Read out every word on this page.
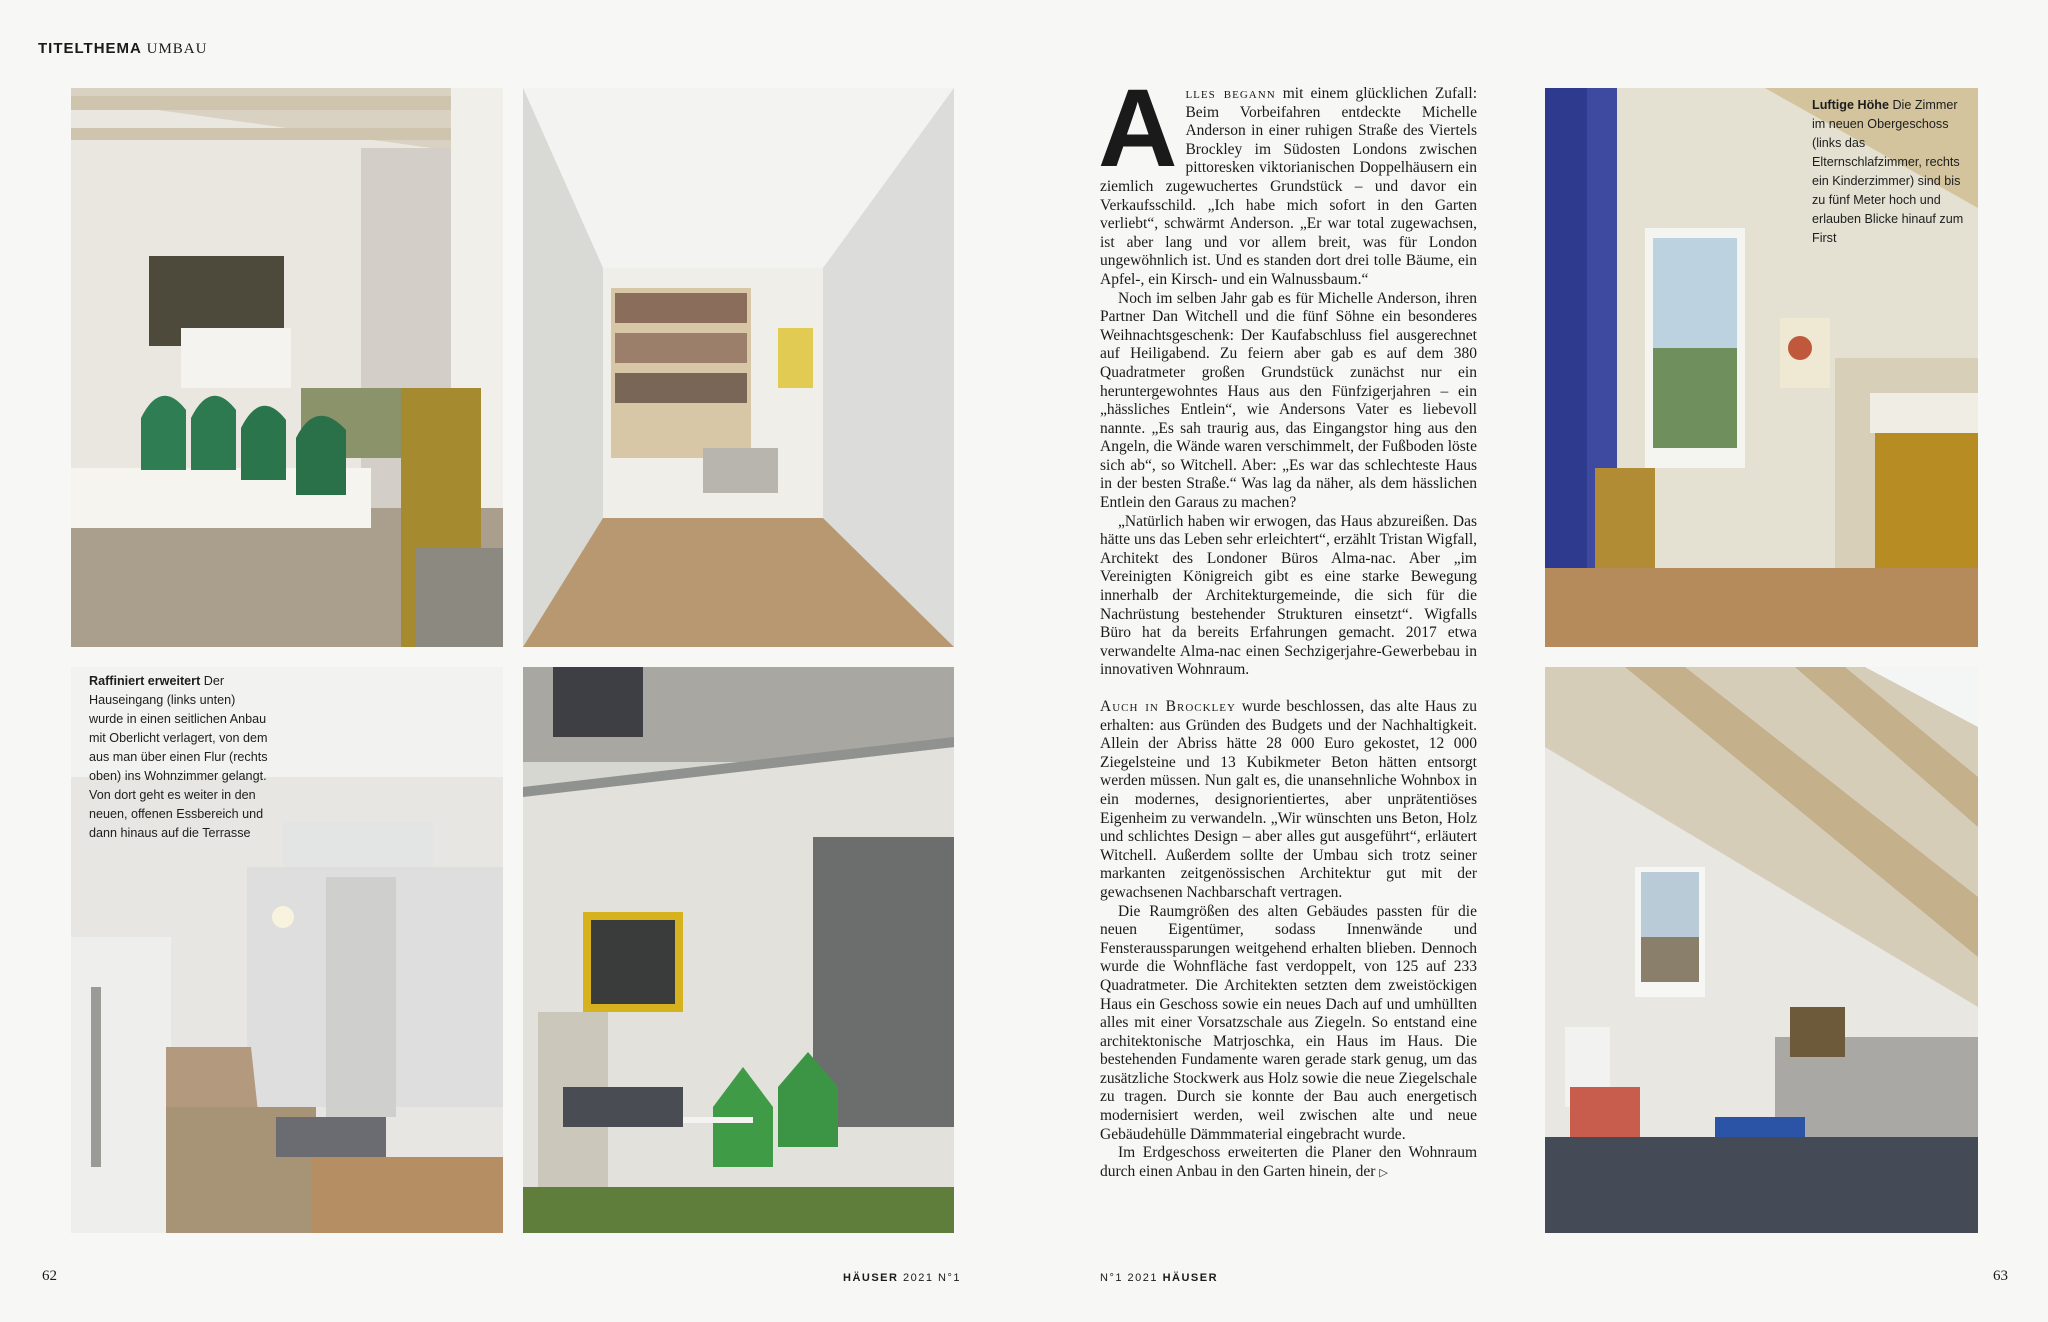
TITELTHEMA UMBAU
Raffiniert erweitert Der Hauseingang (links unten) wurde in einen seitlichen Anbau mit Oberlicht verlagert, von dem aus man über einen Flur (rechts oben) ins Wohnzimmer gelangt. Von dort geht es weiter in den neuen, offenen Essbereich und dann hinaus auf die Terrasse
Luftige Höhe Die Zimmer im neuen Obergeschoss (links das Elternschlafzimmer, rechts ein Kinderzimmer) sind bis zu fünf Meter hoch und erlauben Blicke hinauf zum First

A lles begann mit einem glücklichen Zufall: Beim Vorbeifahren entdeckte Michelle Anderson in einer ruhigen Straße des Viertels Brockley im Südosten Londons zwischen pittoresken viktorianischen Doppelhäusern ein ziemlich zugewuchertes Grundstück – und davor ein Verkaufsschild. „Ich habe mich sofort in den Garten verliebt“, schwärmt Anderson. „Er war total zugewachsen, ist aber lang und vor allem breit, was für London ungewöhnlich ist. Und es standen dort drei tolle Bäume, ein Apfel-, ein Kirsch- und ein Walnussbaum.“

Noch im selben Jahr gab es für Michelle Anderson, ihren Partner Dan Witchell und die fünf Söhne ein besonderes Weihnachtsgeschenk: Der Kaufabschluss fiel ausgerechnet auf Heiligabend. Zu feiern aber gab es auf dem 380 Quadratmeter großen Grundstück zunächst nur ein heruntergewohntes Haus aus den Fünfzigerjahren – ein „hässliches Entlein“, wie Andersons Vater es liebevoll nannte. „Es sah traurig aus, das Eingangstor hing aus den Angeln, die Wände waren verschimmelt, der Fußboden löste sich ab“, so Witchell. Aber: „Es war das schlechteste Haus in der besten Straße.“ Was lag da näher, als dem hässlichen Entlein den Garaus zu machen?

„Natürlich haben wir erwogen, das Haus abzureißen. Das hätte uns das Leben sehr erleichtert“, erzählt Tristan Wigfall, Architekt des Londoner Büros Alma-nac. Aber „im Vereinigten Königreich gibt es eine starke Bewegung innerhalb der Architekturgemeinde, die sich für die Nachrüstung bestehender Strukturen einsetzt“. Wigfalls Büro hat da bereits Erfahrungen gemacht. 2017 etwa verwandelte Alma-nac einen Sechzigerjahre-Gewerbebau in innovativen Wohnraum.

Auch in Brockley wurde beschlossen, das alte Haus zu erhalten: aus Gründen des Budgets und der Nachhaltigkeit. Allein der Abriss hätte 28 000 Euro gekostet, 12 000 Ziegelsteine und 13 Kubikmeter Beton hätten entsorgt werden müssen. Nun galt es, die unansehnliche Wohnbox in ein modernes, designorientiertes, aber unprätentiöses Eigenheim zu verwandeln. „Wir wünschten uns Beton, Holz und schlichtes Design – aber alles gut ausgeführt“, erläutert Witchell. Außerdem sollte der Umbau sich trotz seiner markanten zeitgenössischen Architektur gut mit der gewachsenen Nachbarschaft vertragen.

Die Raumgrößen des alten Gebäudes passten für die neuen Eigentümer, sodass Innenwände und Fensteraussparungen weitgehend erhalten blieben. Dennoch wurde die Wohnfläche fast verdoppelt, von 125 auf 233 Quadratmeter. Die Architekten setzten dem zweistöckigen Haus ein Geschoss sowie ein neues Dach auf und umhüllten alles mit einer Vorsatzschale aus Ziegeln. So entstand eine architektonische Matrjoschka, ein Haus im Haus. Die bestehenden Fundamente waren gerade stark genug, um das zusätzliche Stockwerk aus Holz sowie die neue Ziegelschale zu tragen. Durch sie konnte der Bau auch energetisch modernisiert werden, weil zwischen alte und neue Gebäudehülle Dämmmaterial eingebracht wurde.

Im Erdgeschoss erweiterten die Planer den Wohnraum durch einen Anbau in den Garten hinein, der ▷

62	HÄUSER 2021 N°1	N°1 2021 HÄUSER	63
